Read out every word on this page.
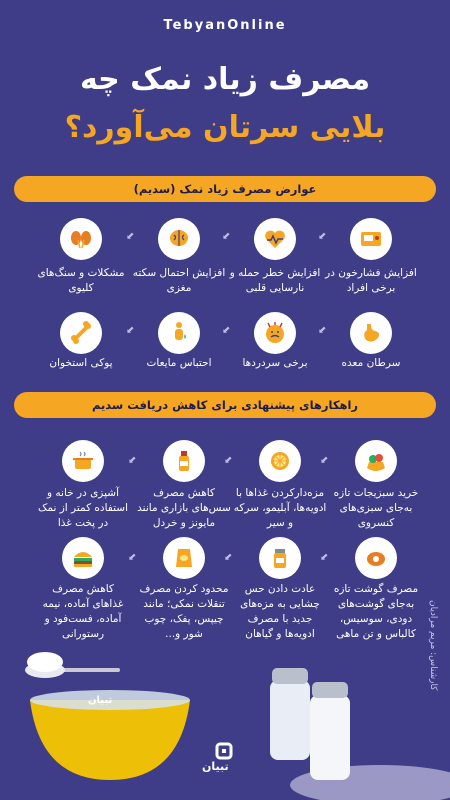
TebyanOnline
مصرف زیاد نمک چه
بلایی سرتان می‌آورد؟
عوارض مصرف زیاد نمک (سدیم)
افزایش فشارخون در برخی افراد
⬋
افزایش خطر حمله و نارسایی قلبی
⬋
افزایش احتمال سکته مغزی
⬋
مشکلات و سنگ‌های کلیوی
سرطان معده
⬋
برخی سردردها
⬋
احتباس مایعات
⬋
پوکی استخوان
راهکارهای پیشنهادی برای کاهش دریافت سدیم
خرید سبزیجات تازه به‌جای سبزی‌های کنسروی
⬋
مزه‌دارکردن غذاها با ادویه‌ها، آبلیمو، سرکه و سیر
⬋
کاهش مصرف سس‌های بازاری مانند مایونز و خردل
⬋
آشپزی در خانه و استفاده کمتر از نمک در پخت غذا
مصرف گوشت تازه به‌جای گوشت‌های دودی، سوسیس، کالباس و تن ماهی
⬋
عادت دادن حس چشایی به مزه‌های جدید با مصرف ادویه‌ها و گیاهان
⬋
محدود کردن مصرف تنقلات نمکی؛ مانند چیپس، پفک، چوب شور و...
⬋
کاهش مصرف غذاهای آماده، نیمه آماده، فست‌فود و رستورانی	کارشناس: مریم مرادیان
تبیان
تبیان
